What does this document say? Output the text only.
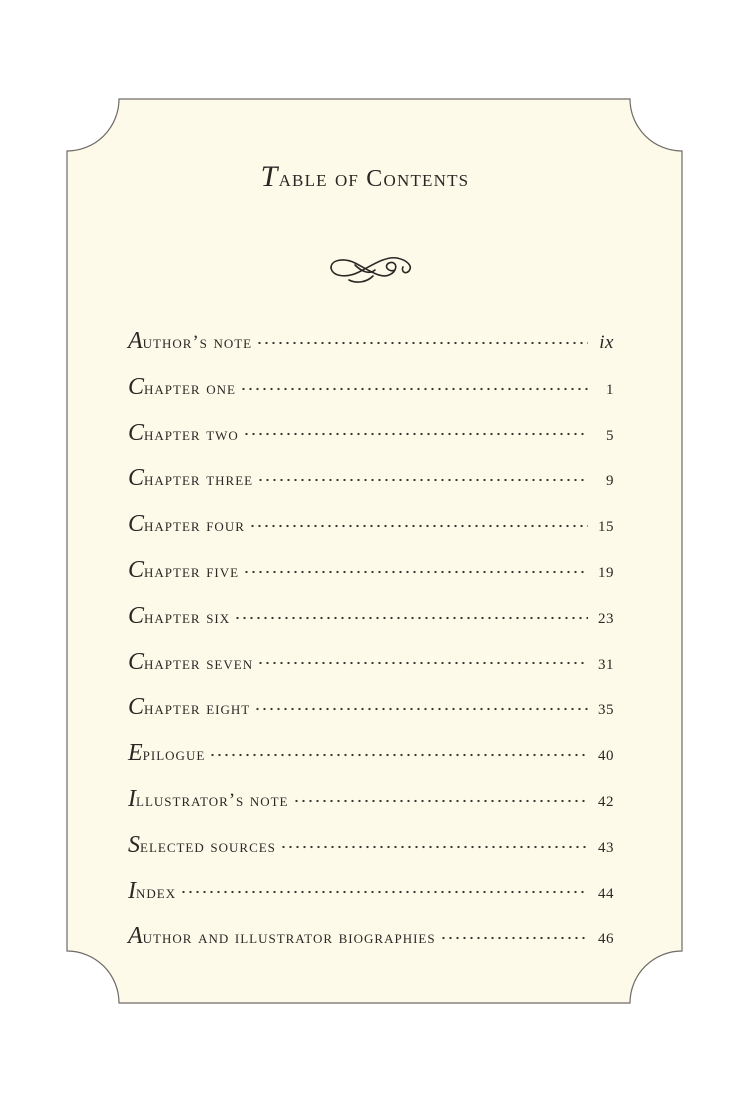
Table of Contents
Author’s note	ix
Chapter one	1
Chapter two	5
Chapter three	9
Chapter four	15
Chapter five	19
Chapter six	23
Chapter seven	31
Chapter eight	35
Epilogue	40
Illustrator’s note	42
Selected sources	43
Index	44
Author and illustrator biographies	46
